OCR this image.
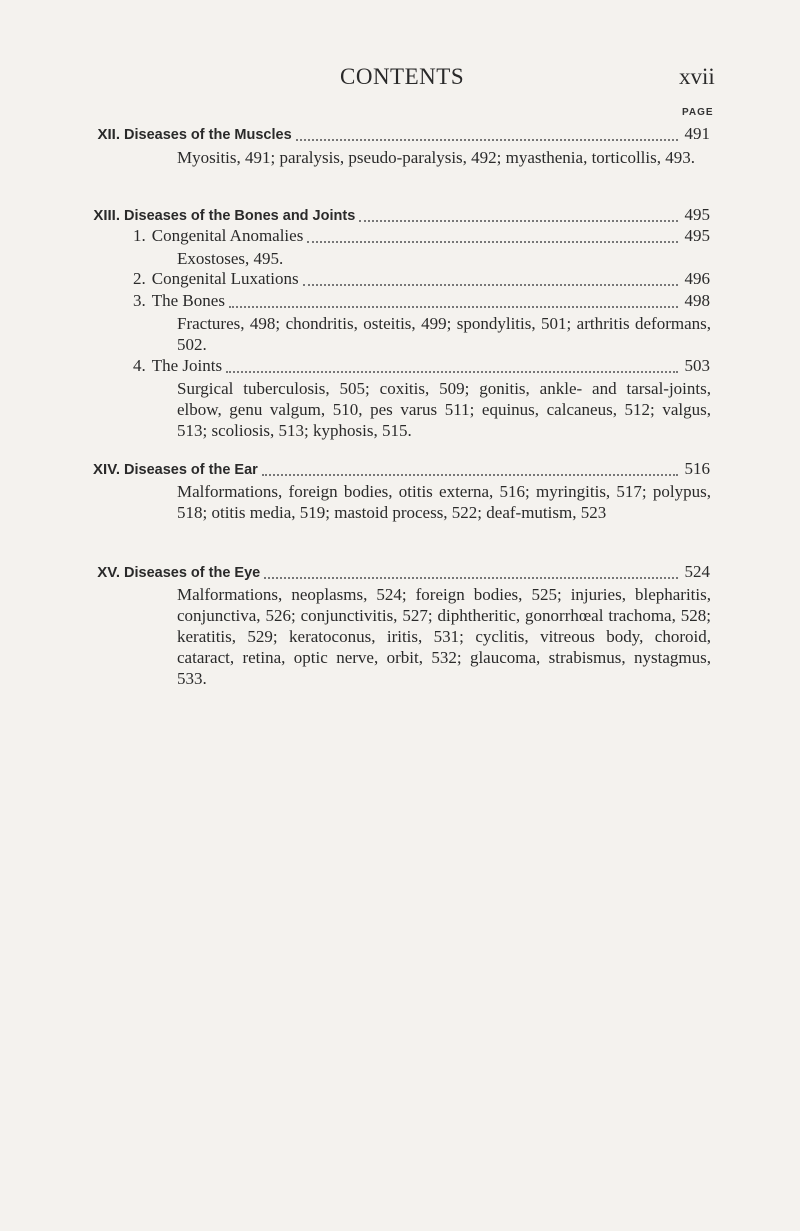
CONTENTS	xvii
PAGE
XII. Diseases of the Muscles	491
Myositis, 491; paralysis, pseudo-paralysis, 492; myasthenia, torticollis, 493.
XIII. Diseases of the Bones and Joints	495
1. Congenital Anomalies	495
Exostoses, 495.
2. Congenital Luxations	496
3. The Bones	498
Fractures, 498; chondritis, osteitis, 499; spondylitis, 501; arthritis deformans, 502.
4. The Joints	503
Surgical tuberculosis, 505; coxitis, 509; gonitis, ankle- and tarsal-joints, elbow, genu valgum, 510, pes varus 511; equinus, calcaneus, 512; valgus, 513; scoliosis, 513; kyphosis, 515.
XIV. Diseases of the Ear	516
Malformations, foreign bodies, otitis externa, 516; myringitis, 517; polypus, 518; otitis media, 519; mastoid process, 522; deaf-mutism, 523
XV. Diseases of the Eye	524
Malformations, neoplasms, 524; foreign bodies, 525; injuries, blepharitis, conjunctiva, 526; conjunctivitis, 527; diphtheritic, gonorrhœal trachoma, 528; keratitis, 529; keratoconus, iritis, 531; cyclitis, vitreous body, choroid, cataract, retina, optic nerve, orbit, 532; glaucoma, strabismus, nystagmus, 533.
